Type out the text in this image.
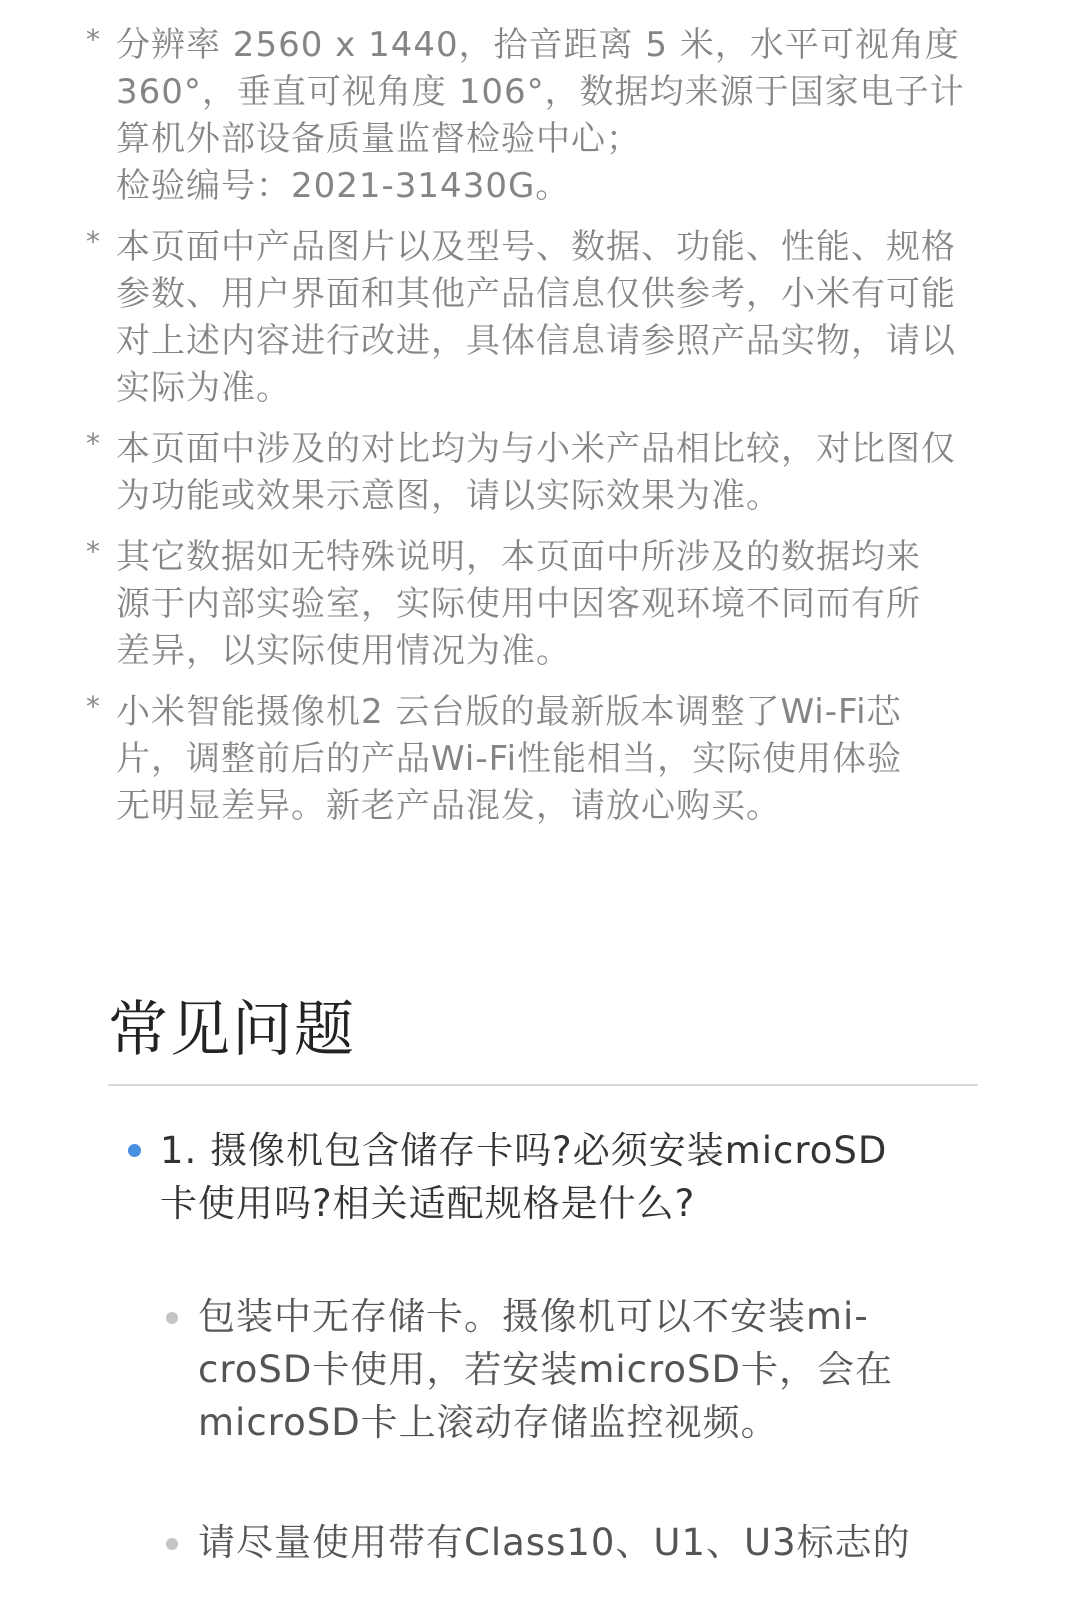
* 分辨率 2560 x 1440，拾音距离 5 米，水平可视角度
360°，垂直可视角度 106°，数据均来源于国家电子计
算机外部设备质量监督检验中心；
检验编号：2021-31430G。
* 本页面中产品图片以及型号、数据、功能、性能、规格
参数、用户界面和其他产品信息仅供参考，小米有可能
对上述内容进行改进，具体信息请参照产品实物，请以
实际为准。
* 本页面中涉及的对比均为与小米产品相比较，对比图仅
为功能或效果示意图，请以实际效果为准。
* 其它数据如无特殊说明，本页面中所涉及的数据均来
源于内部实验室，实际使用中因客观环境不同而有所
差异，以实际使用情况为准。
* 小米智能摄像机2 云台版的最新版本调整了Wi-Fi芯
片，调整前后的产品Wi-Fi性能相当，实际使用体验
无明显差异。新老产品混发，请放心购买。
常见问题
1. 摄像机包含储存卡吗?必须安装microSD
卡使用吗?相关适配规格是什么?
包装中无存储卡。摄像机可以不安装mi-
croSD卡使用，若安装microSD卡，会在
microSD卡上滚动存储监控视频。
请尽量使用带有Class10、U1、U3标志的
